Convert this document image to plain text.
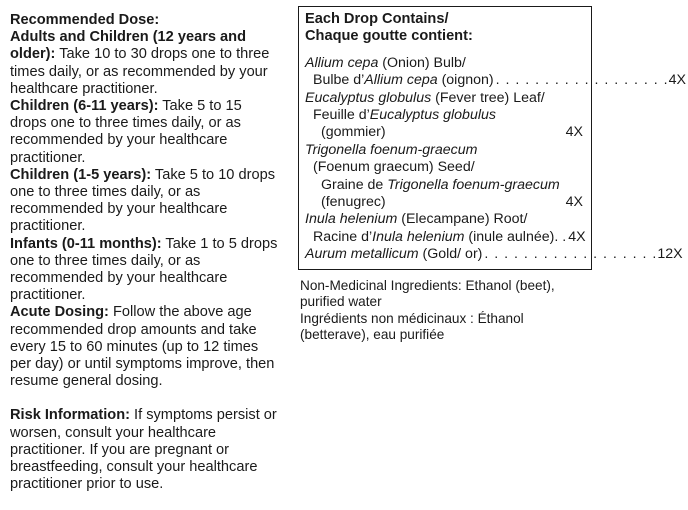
Recommended Dose:

Adults and Children (12 years and older): Take 10 to 30 drops one to three times daily, or as recommended by your healthcare practitioner.

Children (6-11 years): Take 5 to 15 drops one to three times daily, or as recommended by your healthcare practitioner.

Children (1-5 years): Take 5 to 10 drops one to three times daily, or as recommended by your healthcare practitioner.

Infants (0-11 months): Take 1 to 5 drops one to three times daily, or as recommended by your healthcare practitioner.

Acute Dosing: Follow the above age recommended drop amounts and take every 15 to 60 minutes (up to 12 times per day) or until symptoms improve, then resume general dosing.

Risk Information: If symptoms persist or worsen, consult your healthcare practitioner. If you are pregnant or breastfeeding, consult your healthcare practitioner prior to use.

Each Drop Contains/
Chaque goutte contient:
Allium cepa (Onion) Bulb/
Bulbe d’Allium cepa (oignon) . . . . . . . . . . . . . . . . . . 4X
Eucalyptus globulus (Fever tree) Leaf/
Feuille d’Eucalyptus globulus
(gommier)	4X
Trigonella foenum-graecum
(Foenum graecum) Seed/
Graine de Trigonella foenum-graecum
(fenugrec)	4X
Inula helenium (Elecampane) Root/
Racine d’Inula helenium (inule aulnée). . 4X
Aurum metallicum (Gold/ or) . . . . . . . . . . . . . . . . . . 12X

Non-Medicinal Ingredients: Ethanol (beet), purified water

Ingrédients non médicinaux : Éthanol (betterave), eau purifiée
